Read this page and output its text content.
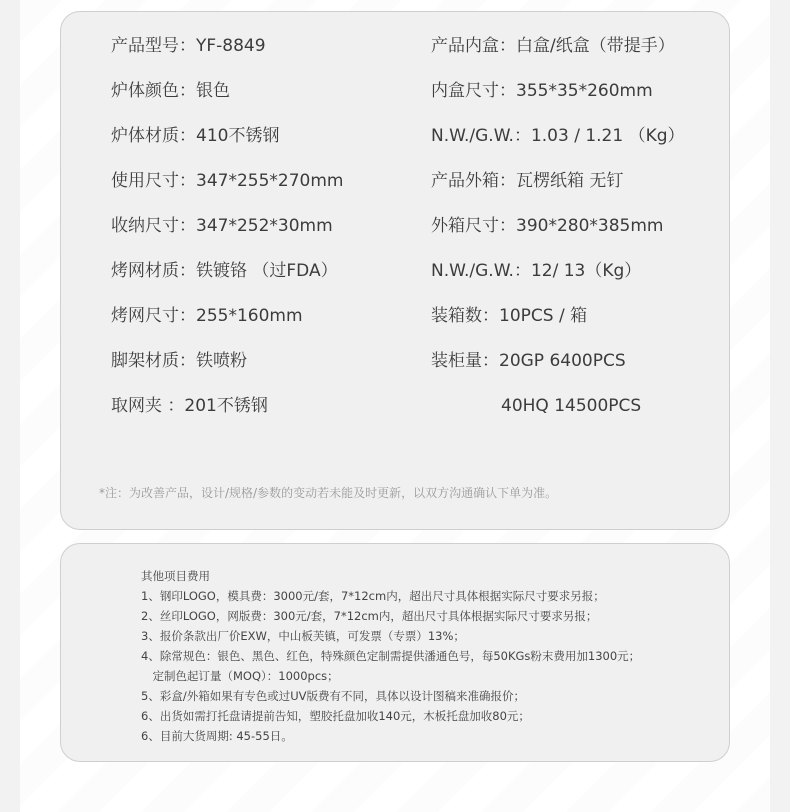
产品型号：YF-8849	产品内盒：白盒/纸盒（带提手）
炉体颜色：银色	内盒尺寸：355*35*260mm
炉体材质：410不锈钢	N.W./G.W.：1.03 / 1.21 （Kg）
使用尺寸：347*255*270mm	产品外箱：瓦楞纸箱 无钉
收纳尺寸：347*252*30mm	外箱尺寸：390*280*385mm
烤网材质：铁镀铬 （过FDA）	N.W./G.W.：12/ 13（Kg）
烤网尺寸：255*160mm	装箱数：10PCS / 箱
脚架材质：铁喷粉	装柜量：20GP 6400PCS
取网夹 ：201不锈钢	40HQ 14500PCS
*注：为改善产品，设计/规格/参数的变动若未能及时更新，以双方沟通确认下单为准。
其他项目费用
1、钢印LOGO，模具费：3000元/套，7*12cm内，超出尺寸具体根据实际尺寸要求另报；
2、丝印LOGO，网版费：300元/套，7*12cm内，超出尺寸具体根据实际尺寸要求另报；
3、报价条款出厂价EXW，中山板芙镇，可发票（专票）13%；
4、除常规色：银色、黑色、红色，特殊颜色定制需提供潘通色号，每50KGs粉末费用加1300元；
　定制色起订量（MOQ）：1000pcs；
5、彩盒/外箱如果有专色或过UV版费有不同，具体以设计图稿来准确报价；
6、出货如需打托盘请提前告知，塑胶托盘加收140元，木板托盘加收80元；
6、目前大货周期: 45-55日。
